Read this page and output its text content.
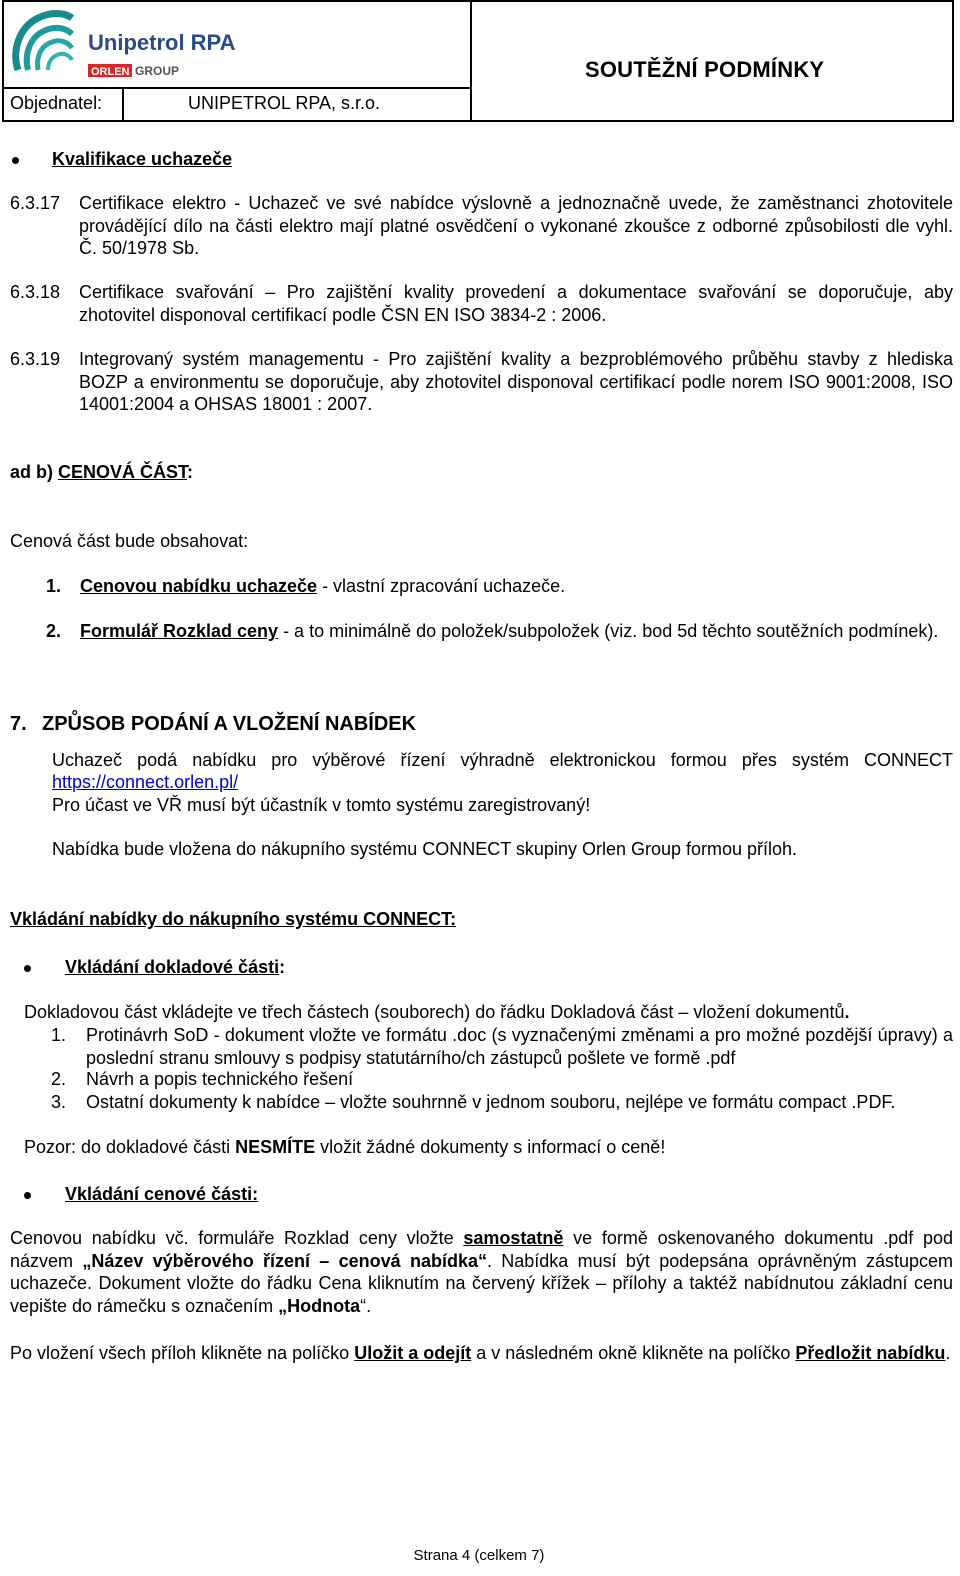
Unipetrol RPA
ORLEN GROUP	SOUTĚŽNÍ PODMÍNKY
Objednatel:	UNIPETROL RPA, s.r.o.
Kvalifikace uchazeče
6.3.17 Certifikace elektro - Uchazeč ve své nabídce výslovně a jednoznačně uvede, že zaměstnanci zhotovitele provádějící dílo na části elektro mají platné osvědčení o vykonané zkoušce z odborné způsobilosti dle vyhl. Č. 50/1978 Sb.
6.3.18 Certifikace svařování – Pro zajištění kvality provedení a dokumentace svařování se doporučuje, aby zhotovitel disponoval certifikací podle ČSN EN ISO 3834-2 : 2006.
6.3.19 Integrovaný systém managementu - Pro zajištění kvality a bezproblémového průběhu stavby z hlediska BOZP a environmentu se doporučuje, aby zhotovitel disponoval certifikací podle norem ISO 9001:2008, ISO 14001:2004 a OHSAS 18001 : 2007.
ad b) CENOVÁ ČÁST:
Cenová část bude obsahovat:
1. Cenovou nabídku uchazeče - vlastní zpracování uchazeče.
2. Formulář Rozklad ceny - a to minimálně do položek/subpoložek (viz. bod 5d těchto soutěžních podmínek).
7. ZPŮSOB PODÁNÍ A VLOŽENÍ NABÍDEK
Uchazeč podá nabídku pro výběrové řízení výhradně elektronickou formou přes systém CONNECT
https://connect.orlen.pl/
Pro účast ve VŘ musí být účastník v tomto systému zaregistrovaný!
Nabídka bude vložena do nákupního systému CONNECT skupiny Orlen Group formou příloh.
Vkládání nabídky do nákupního systému CONNECT:
Vkládání dokladové části:
Dokladovou část vkládejte ve třech částech (souborech) do řádku Dokladová část – vložení dokumentů.
1. Protinávrh SoD - dokument vložte ve formátu .doc (s vyznačenými změnami a pro možné pozdější úpravy) a poslední stranu smlouvy s podpisy statutárního/ch zástupců pošlete ve formě .pdf
2. Návrh a popis technického řešení
3. Ostatní dokumenty k nabídce – vložte souhrnně v jednom souboru, nejlépe ve formátu compact .PDF.
Pozor: do dokladové části NESMÍTE vložit žádné dokumenty s informací o ceně!
Vkládání cenové části:
Cenovou nabídku vč. formuláře Rozklad ceny vložte samostatně ve formě oskenovaného dokumentu .pdf pod názvem „Název výběrového řízení – cenová nabídka“. Nabídka musí být podepsána oprávněným zástupcem uchazeče. Dokument vložte do řádku Cena kliknutím na červený křížek – přílohy a taktéž nabídnutou základní cenu vepište do rámečku s označením „Hodnota“.
Po vložení všech příloh klikněte na políčko Uložit a odejít a v následném okně klikněte na políčko Předložit nabídku.
Strana 4 (celkem 7)
